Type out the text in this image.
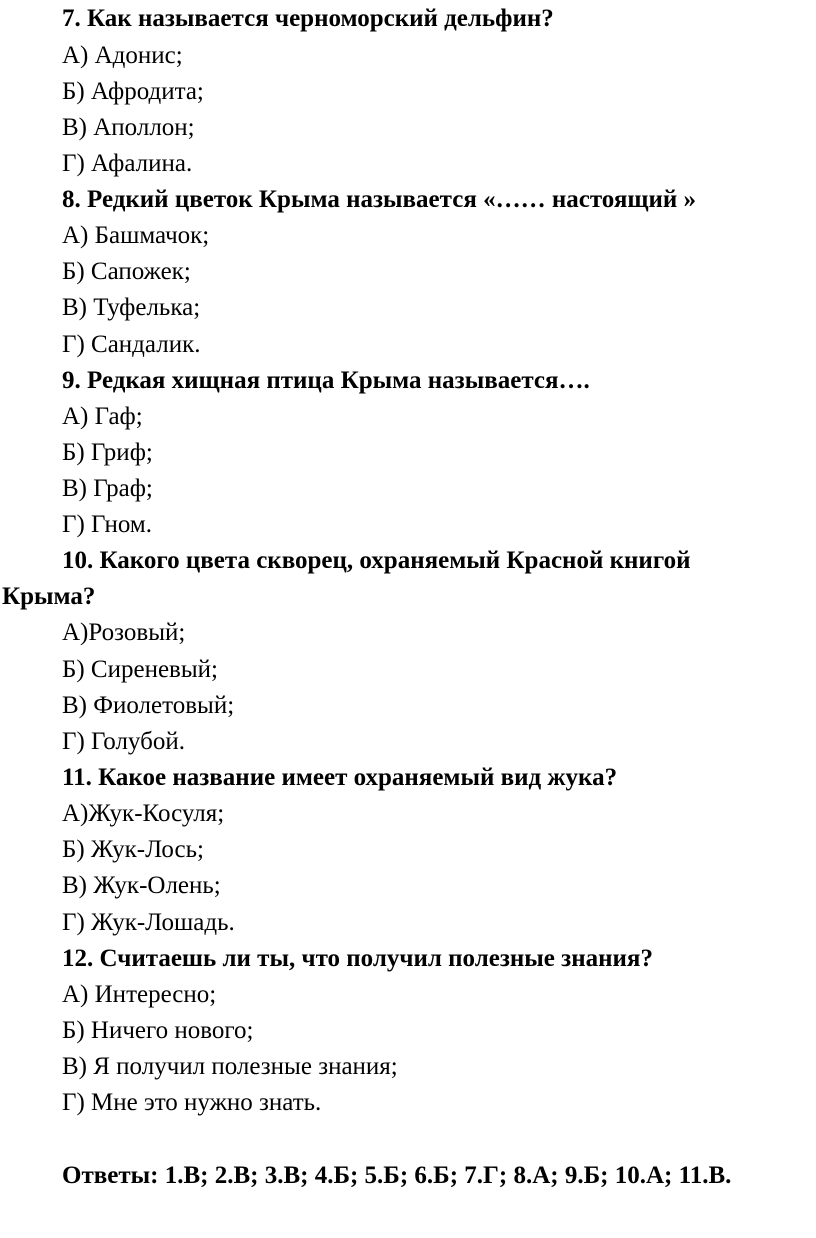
7. Как называется черноморский дельфин?
А) Адонис;
Б) Афродита;
В) Аполлон;
Г) Афалина.
8. Редкий цветок Крыма называется «…… настоящий »
А) Башмачок;
Б) Сапожек;
В) Туфелька;
Г) Сандалик.
9. Редкая хищная птица Крыма называется….
А) Гаф;
Б) Гриф;
В) Граф;
Г) Гном.
10. Какого цвета скворец, охраняемый Красной книгой
Крыма?
А)Розовый;
Б) Сиреневый;
В) Фиолетовый;
Г) Голубой.
11. Какое название имеет охраняемый вид жука?
А)Жук-Косуля;
Б) Жук-Лось;
В) Жук-Олень;
Г) Жук-Лошадь.
12. Считаешь ли ты, что получил полезные знания?
А) Интересно;
Б) Ничего нового;
В) Я получил полезные знания;
Г) Мне это нужно знать.
Ответы: 1.В; 2.В; 3.В; 4.Б; 5.Б; 6.Б; 7.Г; 8.А; 9.Б; 10.А; 11.В.
